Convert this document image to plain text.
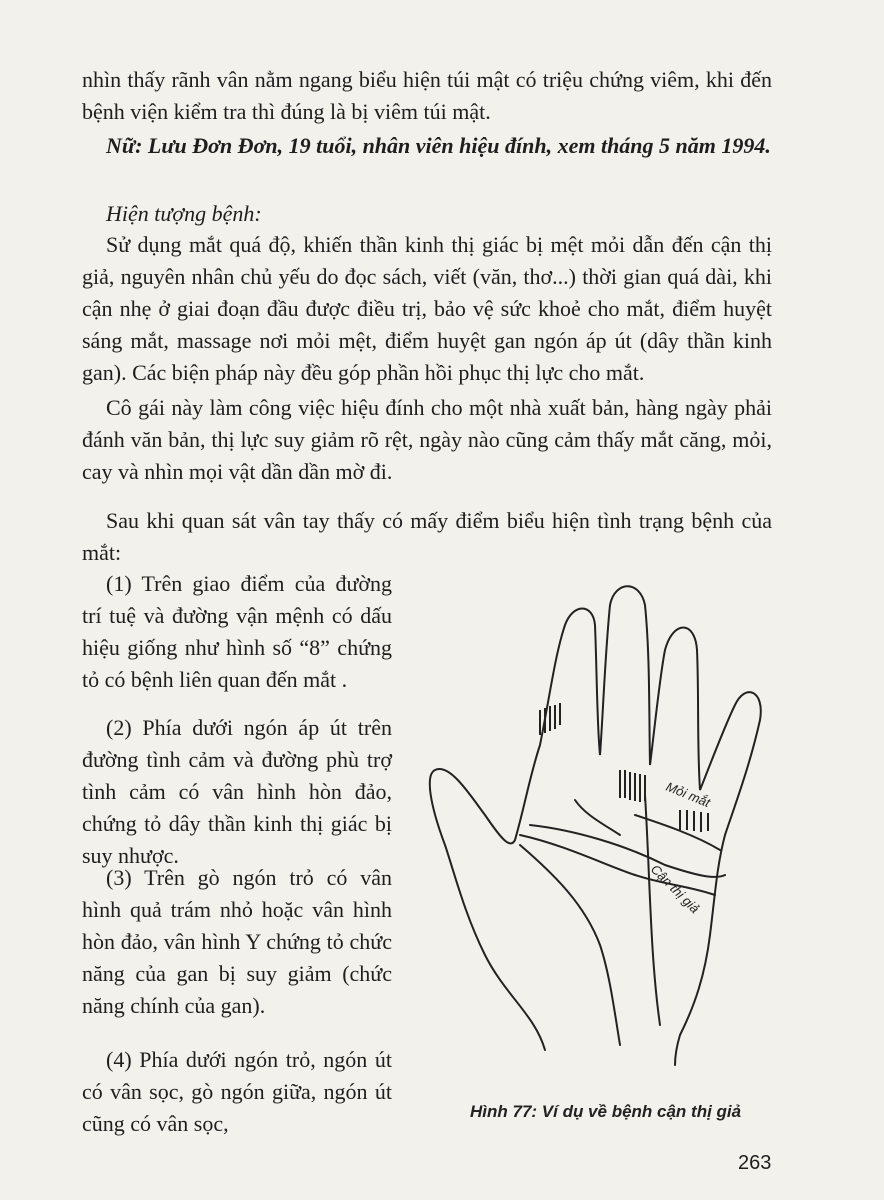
nhìn thấy rãnh vân nằm ngang biểu hiện túi mật có triệu chứng viêm, khi đến bệnh viện kiểm tra thì đúng là bị viêm túi mật.

Nữ: Lưu Đơn Đơn, 19 tuổi, nhân viên hiệu đính, xem tháng 5 năm 1994.

Hiện tượng bệnh:

Sử dụng mắt quá độ, khiến thần kinh thị giác bị mệt mỏi dẫn đến cận thị giả, nguyên nhân chủ yếu do đọc sách, viết (văn, thơ...) thời gian quá dài, khi cận nhẹ ở giai đoạn đầu được điều trị, bảo vệ sức khoẻ cho mắt, điểm huyệt sáng mắt, massage nơi mỏi mệt, điểm huyệt gan ngón áp út (dây thần kinh gan). Các biện pháp này đều góp phần hồi phục thị lực cho mắt.

Cô gái này làm công việc hiệu đính cho một nhà xuất bản, hàng ngày phải đánh văn bản, thị lực suy giảm rõ rệt, ngày nào cũng cảm thấy mắt căng, mỏi, cay và nhìn mọi vật dần dần mờ đi.

Sau khi quan sát vân tay thấy có mấy điểm biểu hiện tình trạng bệnh của mắt:

(1) Trên giao điểm của đường trí tuệ và đường vận mệnh có dấu hiệu giống như hình số “8” chứng tỏ có bệnh liên quan đến mắt .

(2) Phía dưới ngón áp út trên đường tình cảm và đường phù trợ tình cảm có vân hình hòn đảo, chứng tỏ dây thần kinh thị giác bị suy nhược.

(3) Trên gò ngón trỏ có vân hình quả trám nhỏ hoặc vân hình hòn đảo, vân hình Y chứng tỏ chức năng của gan bị suy giảm (chức năng chính của gan).

(4) Phía dưới ngón trỏ, ngón út có vân sọc, gò ngón giữa, ngón út cũng có vân sọc,

Mỏi mắt
Cận thị giả
Hình 77: Ví dụ về bệnh cận thị giả
263
